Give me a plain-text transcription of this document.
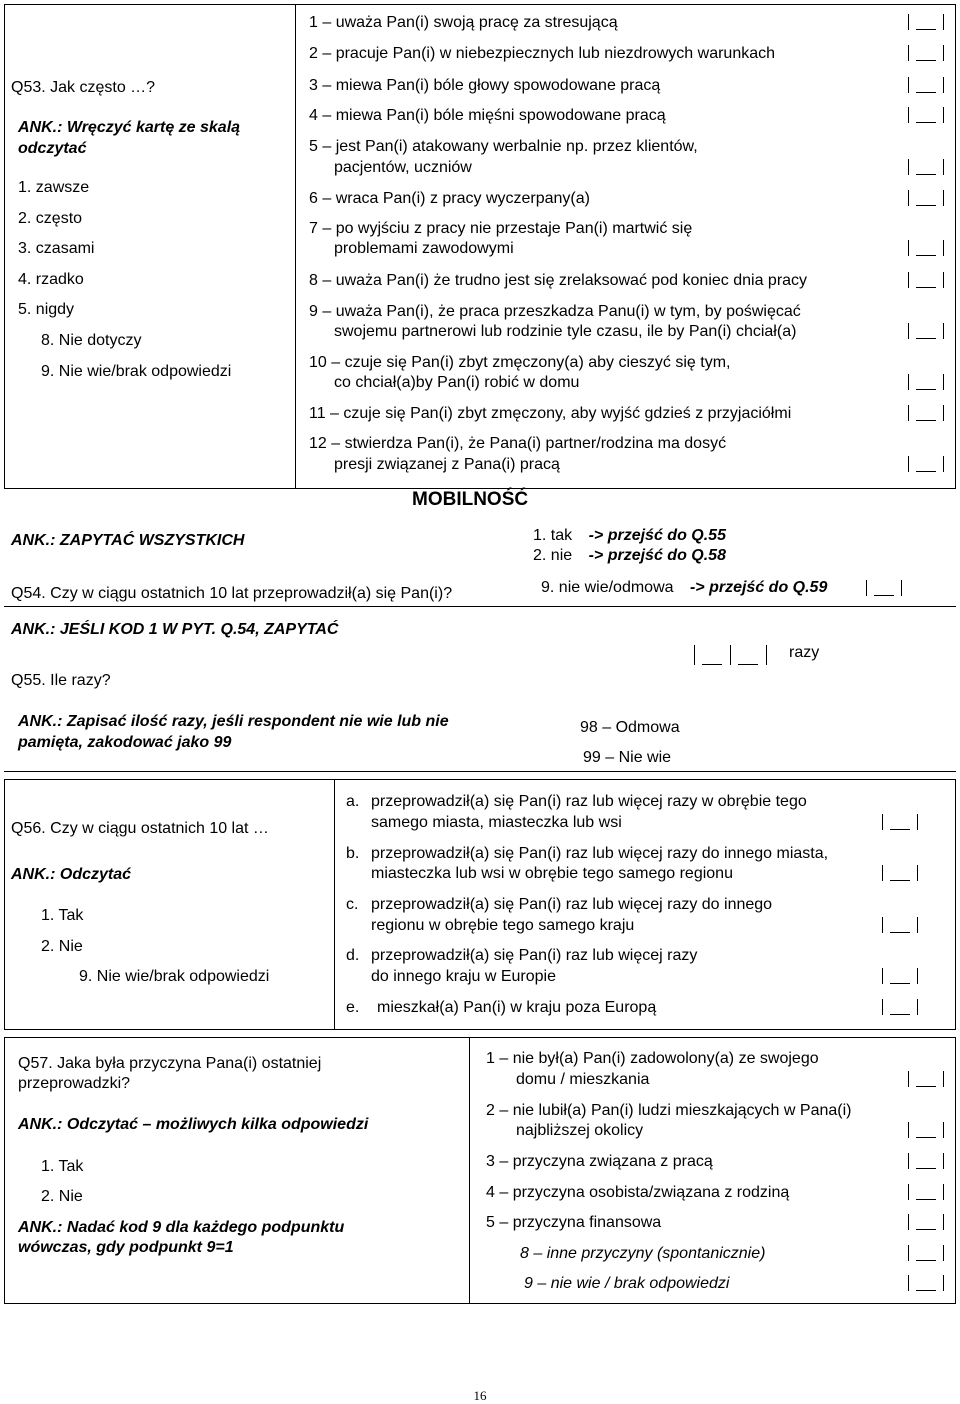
Q53. Jak często …?
ANK.: Wręczyć kartę ze skalą
odczytać
1. zawsze
2. często
3. czasami
4. rzadko
5. nigdy
8. Nie dotyczy
9. Nie wie/brak odpowiedzi
1 – uważa Pan(i) swoją pracę za stresującą
2 – pracuje Pan(i) w niebezpiecznych lub niezdrowych warunkach
3 – miewa Pan(i) bóle głowy spowodowane pracą
4 – miewa Pan(i) bóle mięśni spowodowane pracą
5 – jest Pan(i) atakowany werbalnie np. przez klientów,
pacjentów, uczniów
6 – wraca Pan(i) z pracy wyczerpany(a)
7 – po wyjściu z pracy nie przestaje Pan(i) martwić się
problemami zawodowymi
8 – uważa Pan(i) że trudno jest się zrelaksować pod koniec dnia pracy
9 – uważa Pan(i), że praca przeszkadza Panu(i) w tym, by poświęcać
swojemu partnerowi lub rodzinie tyle czasu, ile by Pan(i) chciał(a)
10 – czuje się Pan(i) zbyt zmęczony(a) aby cieszyć się tym,
co chciał(a)by Pan(i) robić w domu
11 – czuje się Pan(i) zbyt zmęczony, aby wyjść gdzieś z przyjaciółmi
12 – stwierdza Pan(i), że Pana(i) partner/rodzina ma dosyć
presji związanej z Pana(i) pracą
MOBILNOŚĆ
ANK.: ZAPYTAĆ WSZYSTKICH
Q54. Czy w ciągu ostatnich 10 lat przeprowadził(a) się Pan(i)?
1. tak -> przejść do Q.55
2. nie -> przejść do Q.58
9. nie wie/odmowa -> przejść do Q.59
ANK.: JEŚLI KOD 1 W PYT. Q.54, ZAPYTAĆ
Q55. Ile razy?
razy
ANK.: Zapisać ilość razy, jeśli respondent nie wie lub nie
pamięta, zakodować jako 99
98 – Odmowa
99 – Nie wie
Q56. Czy w ciągu ostatnich 10 lat …
ANK.: Odczytać
1. Tak
2. Nie
9. Nie wie/brak odpowiedzi
a. przeprowadził(a) się Pan(i) raz lub więcej razy w obrębie tego
samego miasta, miasteczka lub wsi
b. przeprowadził(a) się Pan(i) raz lub więcej razy do innego miasta,
miasteczka lub wsi w obrębie tego samego regionu
c. przeprowadził(a) się Pan(i) raz lub więcej razy do innego
regionu w obrębie tego samego kraju
d. przeprowadził(a) się Pan(i) raz lub więcej razy
do innego kraju w Europie
e. mieszkał(a) Pan(i) w kraju poza Europą
Q57. Jaka była przyczyna Pana(i) ostatniej
przeprowadzki?
ANK.: Odczytać – możliwych kilka odpowiedzi
1. Tak
2. Nie
ANK.: Nadać kod 9 dla każdego podpunktu
wówczas, gdy podpunkt 9=1
1 – nie był(a) Pan(i) zadowolony(a) ze swojego
domu / mieszkania
2 – nie lubił(a) Pan(i) ludzi mieszkających w Pana(i)
najbliższej okolicy
3 – przyczyna związana z pracą
4 – przyczyna osobista/związana z rodziną
5 – przyczyna finansowa
8 – inne przyczyny (spontanicznie)
9 – nie wie / brak odpowiedzi
16
